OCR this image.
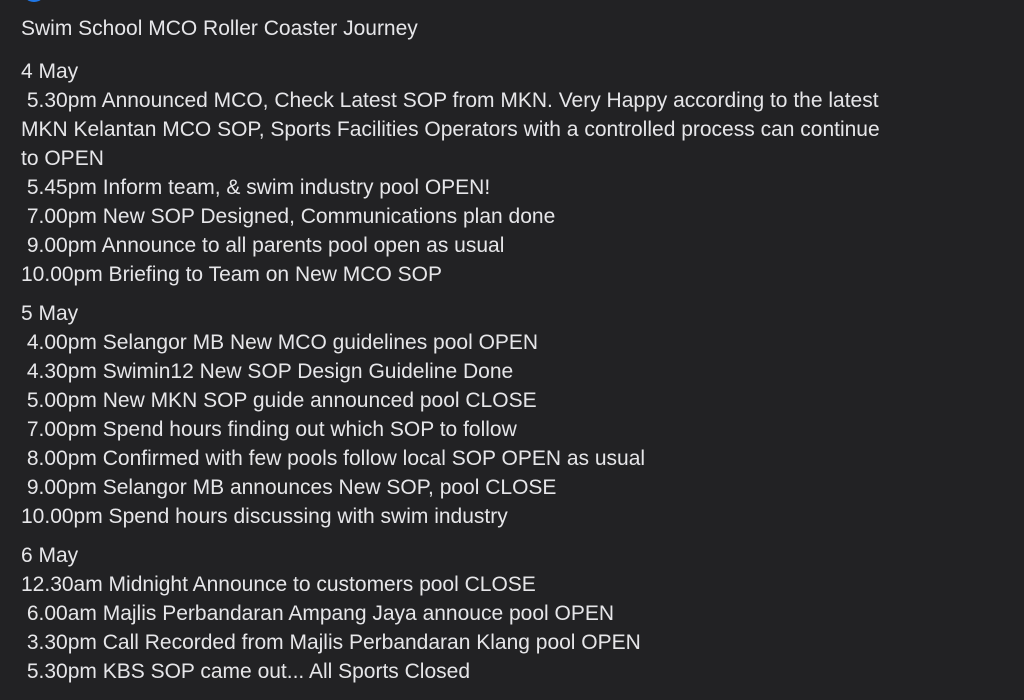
Swim School MCO Roller Coaster Journey
4 May
5.30pm Announced MCO, Check Latest SOP from MKN. Very Happy according to the latest
MKN Kelantan MCO SOP, Sports Facilities Operators with a controlled process can continue
to OPEN
5.45pm Inform team, & swim industry pool OPEN!
7.00pm New SOP Designed, Communications plan done
9.00pm Announce to all parents pool open as usual
10.00pm Briefing to Team on New MCO SOP
5 May
4.00pm Selangor MB New MCO guidelines pool OPEN
4.30pm Swimin12 New SOP Design Guideline Done
5.00pm New MKN SOP guide announced pool CLOSE
7.00pm Spend hours finding out which SOP to follow
8.00pm Confirmed with few pools follow local SOP OPEN as usual
9.00pm Selangor MB announces New SOP, pool CLOSE
10.00pm Spend hours discussing with swim industry
6 May
12.30am Midnight Announce to customers pool CLOSE
6.00am Majlis Perbandaran Ampang Jaya annouce pool OPEN
3.30pm Call Recorded from Majlis Perbandaran Klang pool OPEN
5.30pm KBS SOP came out... All Sports Closed
